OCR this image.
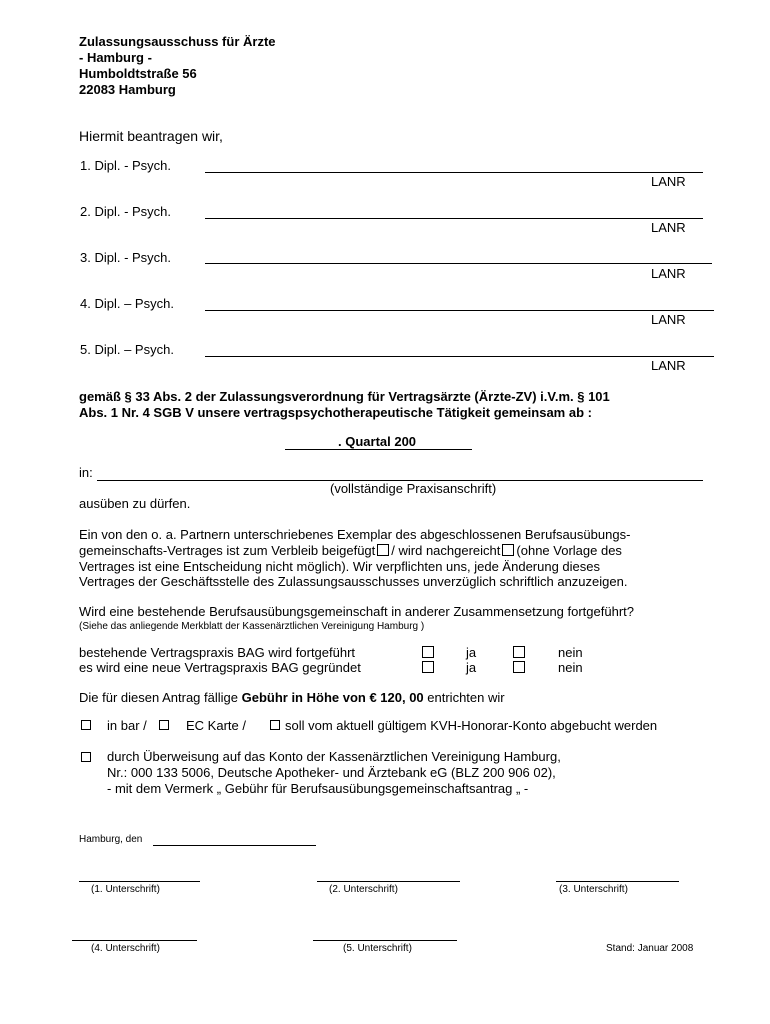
Zulassungsausschuss für Ärzte
- Hamburg -
Humboldtstraße 56
22083 Hamburg
Hiermit beantragen wir,
1. Dipl. - Psych.
LANR
2. Dipl. - Psych.
LANR
3. Dipl. - Psych.
LANR
4. Dipl. – Psych.
LANR
5. Dipl. – Psych.
LANR
gemäß § 33 Abs. 2 der Zulassungsverordnung für Vertragsärzte (Ärzte-ZV) i.V.m. § 101
Abs. 1 Nr. 4 SGB V unsere vertragspsychotherapeutische Tätigkeit gemeinsam ab :
. Quartal 200
in:
(vollständige Praxisanschrift)
ausüben zu dürfen.
Ein von den o. a. Partnern unterschriebenes Exemplar des abgeschlossenen Berufsausübungs-
gemeinschafts-Vertrages ist zum Verbleib beigefügt / wird nachgereicht (ohne Vorlage des
Vertrages ist eine Entscheidung nicht möglich). Wir verpflichten uns, jede Änderung dieses
Vertrages der Geschäftsstelle des Zulassungsausschusses unverzüglich schriftlich anzuzeigen.
Wird eine bestehende Berufsausübungsgemeinschaft in anderer Zusammensetzung fortgeführt?
(Siehe das anliegende Merkblatt der Kassenärztlichen Vereinigung Hamburg )
bestehende Vertragspraxis BAG wird fortgeführt	ja	nein
es wird eine neue Vertragspraxis BAG gegründet	ja	nein
Die für diesen Antrag fällige Gebühr in Höhe von € 120, 00 entrichten wir
in bar /	EC Karte /	soll vom aktuell gültigem KVH-Honorar-Konto abgebucht werden
durch Überweisung auf das Konto der Kassenärztlichen Vereinigung Hamburg,
Nr.: 000 133 5006, Deutsche Apotheker- und Ärztebank eG (BLZ 200 906 02),
- mit dem Vermerk „ Gebühr für Berufsausübungsgemeinschaftsantrag „ -
Hamburg, den
(1. Unterschrift)	(2. Unterschrift)	(3. Unterschrift)
(4. Unterschrift)	(5. Unterschrift)	Stand: Januar 2008
